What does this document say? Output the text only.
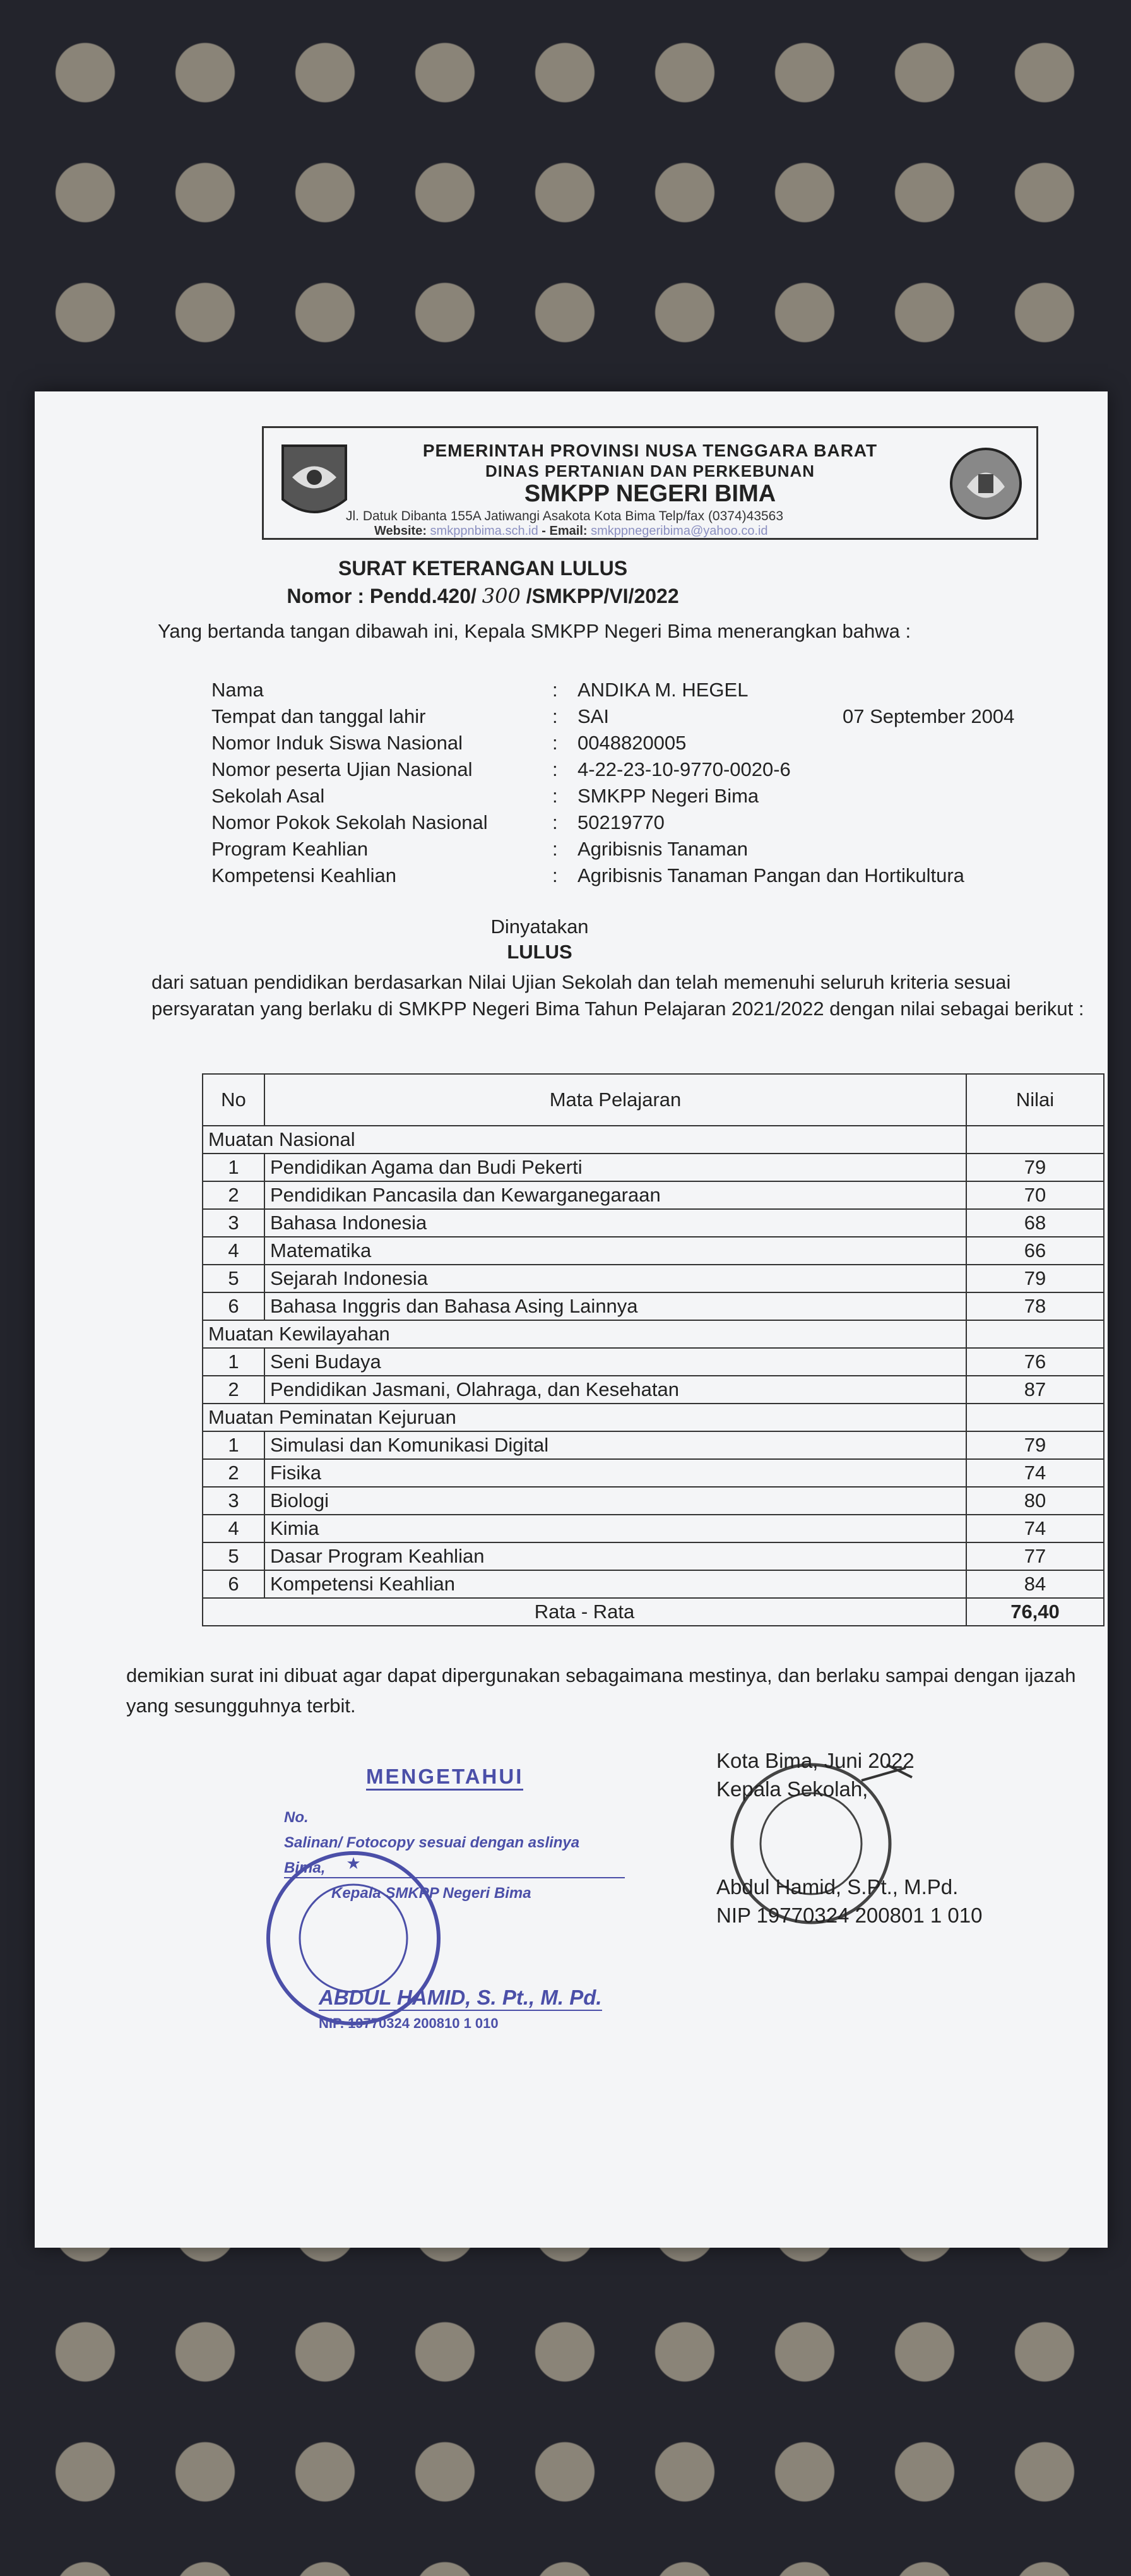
PEMERINTAH PROVINSI NUSA TENGGARA BARAT
DINAS PERTANIAN DAN PERKEBUNAN
SMKPP NEGERI BIMA
Jl. Datuk Dibanta 155A Jatiwangi Asakota Kota Bima Telp/fax (0374)43563
Website: smkppnbima.sch.id - Email: smkppnegeribima@yahoo.co.id
SURAT KETERANGAN LULUS
Nomor : Pendd.420/ 300 /SMKPP/VI/2022
Yang bertanda tangan dibawah ini, Kepala SMKPP Negeri Bima menerangkan bahwa :
Nama	: ANDIKA M. HEGEL
Tempat dan tanggal lahir	: SAI	07 September 2004
Nomor Induk Siswa Nasional	: 0048820005
Nomor peserta Ujian Nasional	: 4-22-23-10-9770-0020-6
Sekolah Asal	: SMKPP Negeri Bima
Nomor Pokok Sekolah Nasional	: 50219770
Program Keahlian	: Agribisnis Tanaman
Kompetensi Keahlian	: Agribisnis Tanaman Pangan dan Hortikultura
Dinyatakan
LULUS
dari satuan pendidikan berdasarkan Nilai Ujian Sekolah dan telah memenuhi seluruh kriteria sesuai persyaratan yang berlaku di SMKPP Negeri Bima Tahun Pelajaran 2021/2022 dengan nilai sebagai berikut :
No	Mata Pelajaran	Nilai
Muatan Nasional		
1	Pendidikan Agama dan Budi Pekerti	79
2	Pendidikan Pancasila dan Kewarganegaraan	70
3	Bahasa Indonesia	68
4	Matematika	66
5	Sejarah Indonesia	79
6	Bahasa Inggris dan Bahasa Asing Lainnya	78
Muatan Kewilayahan		
1	Seni Budaya	76
2	Pendidikan Jasmani, Olahraga, dan Kesehatan	87
Muatan Peminatan Kejuruan		
1	Simulasi dan Komunikasi Digital	79
2	Fisika	74
3	Biologi	80
4	Kimia	74
5	Dasar Program Keahlian	77
6	Kompetensi Keahlian	84
Rata - Rata		76,40
demikian surat ini dibuat agar dapat dipergunakan sebagaimana mestinya, dan berlaku sampai dengan ijazah yang sesungguhnya terbit.
Kota Bima, Juni 2022
Kepala Sekolah,
Abdul Hamid, S.Pt., M.Pd.
NIP 19770324 200801 1 010
MENGETAHUI
No.
Salinan/ Fotocopy sesuai dengan aslinya
Bima,
Kepala SMKPP Negeri Bima
★
ABDUL HAMID, S. Pt., M. Pd.
NIP. 19770324 200810 1 010
